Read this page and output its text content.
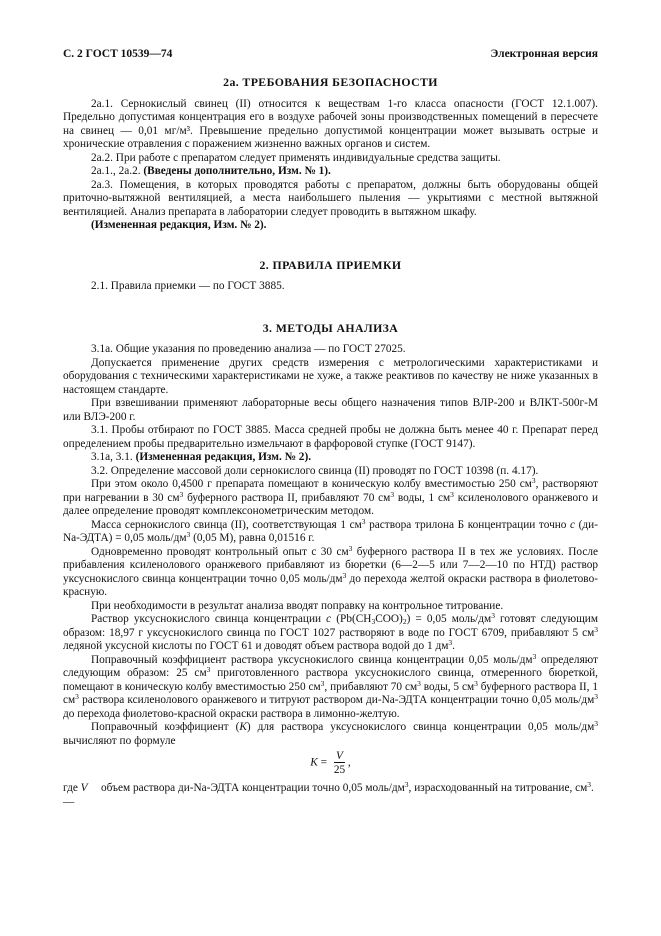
С. 2 ГОСТ 10539—74	Электронная версия
2а. ТРЕБОВАНИЯ БЕЗОПАСНОСТИ

2а.1. Сернокислый свинец (II) относится к веществам 1-го класса опасности (ГОСТ 12.1.007). Предельно допустимая концентрация его в воздухе рабочей зоны производственных помещений в пересчете на свинец — 0,01 мг/м³. Превышение предельно допустимой концентрации может вызывать острые и хронические отравления с поражением жизненно важных органов и систем.

2а.2. При работе с препаратом следует применять индивидуальные средства защиты.

2а.1., 2а.2. (Введены дополнительно, Изм. № 1).

2а.3. Помещения, в которых проводятся работы с препаратом, должны быть оборудованы общей приточно-вытяжной вентиляцией, а места наибольшего пыления — укрытиями с местной вытяжной вентиляцией. Анализ препарата в лаборатории следует проводить в вытяжном шкафу.

(Измененная редакция, Изм. № 2).

2. ПРАВИЛА ПРИЕМКИ

2.1. Правила приемки — по ГОСТ 3885.

3. МЕТОДЫ АНАЛИЗА

3.1а. Общие указания по проведению анализа — по ГОСТ 27025.

Допускается применение других средств измерения с метрологическими характеристиками и оборудования с техническими характеристиками не хуже, а также реактивов по качеству не ниже указанных в настоящем стандарте.

При взвешивании применяют лабораторные весы общего назначения типов ВЛР-200 и ВЛКТ-500г-М или ВЛЭ-200 г.

3.1. Пробы отбирают по ГОСТ 3885. Масса средней пробы не должна быть менее 40 г. Препарат перед определением пробы предварительно измельчают в фарфоровой ступке (ГОСТ 9147).

3.1а, 3.1. (Измененная редакция, Изм. № 2).

3.2. Определение массовой доли сернокислого свинца (II) проводят по ГОСТ 10398 (п. 4.17).

При этом около 0,4500 г препарата помещают в коническую колбу вместимостью 250 $см^3$, растворяют при нагревании в 30 $см^3$ буферного раствора II, прибавляют 70 $см^3$ воды, 1 $см^3$ ксиленолового оранжевого и далее определение проводят комплексонометрическим методом.

Масса сернокислого свинца (II), соответствующая 1 $см^3$ раствора трилона Б концентрации точно c (ди-Na-ЭДТА) = 0,05 моль/$дм^3$ (0,05 М), равна 0,01516 г.

Одновременно проводят контрольный опыт с 30 $см^3$ буферного раствора II в тех же условиях. После прибавления ксиленолового оранжевого прибавляют из бюретки (6—2—5 или 7—2—10 по НТД) раствор уксуснокислого свинца концентрации точно 0,05 моль/$дм^3$ до перехода желтой окраски раствора в фиолетово-красную.

При необходимости в результат анализа вводят поправку на контрольное титрование.

Раствор уксуснокислого свинца концентрации c $(Pb(CH_3COO)_2) = 0,05$ моль/$дм^3$ готовят следующим образом: 18,97 г уксуснокислого свинца по ГОСТ 1027 растворяют в воде по ГОСТ 6709, прибавляют 5 $см^3$ ледяной уксусной кислоты по ГОСТ 61 и доводят объем раствора водой до 1 $дм^3$.

Поправочный коэффициент раствора уксуснокислого свинца концентрации 0,05 моль/$дм^3$ определяют следующим образом: 25 $см^3$ приготовленного раствора уксуснокислого свинца, отмеренного бюреткой, помещают в коническую колбу вместимостью 250 $см^3$, прибавляют 70 $см^3$ воды, 5 $см^3$ буферного раствора II, 1 $см^3$ раствора ксиленолового оранжевого и титруют раствором ди-Na-ЭДТА концентрации точно 0,05 моль/$дм^3$ до перехода фиолетово-красной окраски раствора в лимонно-желтую.

Поправочный коэффициент (K) для раствора уксуснокислого свинца концентрации 0,05 моль/$дм^3$ вычисляют по формуле

$K = \frac{V}{25}$ ,
где V —
объем раствора ди-Na-ЭДТА концентрации точно 0,05 моль/$дм^3$, израсходованный на титрование, $см^3$.
